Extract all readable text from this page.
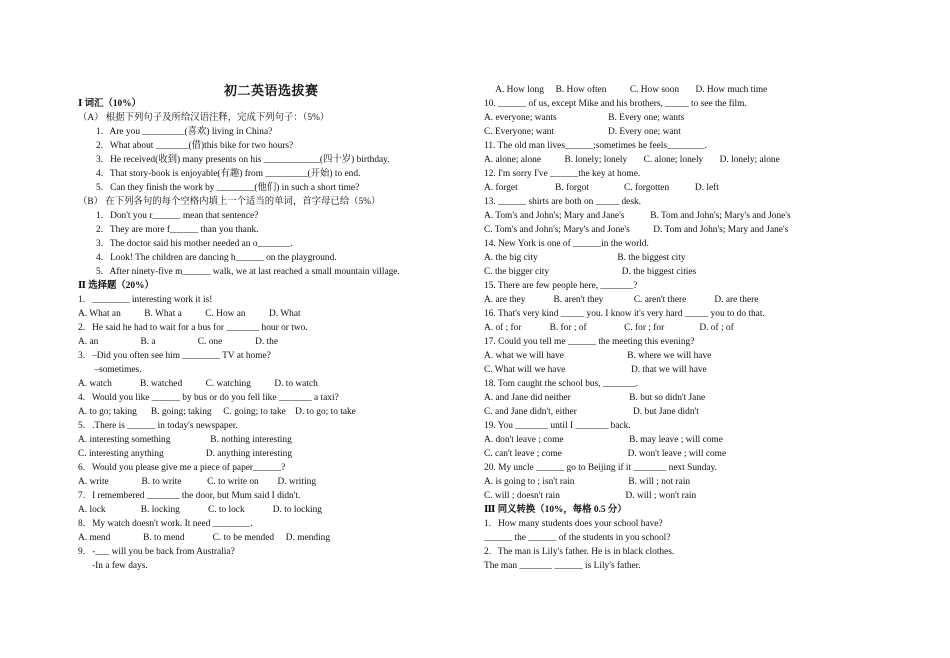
初二英语选拔赛
Ⅰ 词汇（10%）
（A） 根据下列句子及所给汉语注释，完成下列句子：（5%）
1.   Are you _________(喜欢) living in China?
2.   What about _______(借)this bike for two hours?
3.   He received(收到) many presents on his ____________(四十岁) birthday.
4.   That story-book is enjoyable(有趣) from _________(开始) to end.
5.   Can they finish the work by ________(他们) in such a short time?
（B） 在下列各句的每个空格内填上一个适当的单词，首字母已给（5%）
1.   Don't you r______ mean that sentence?
2.   They are more f______ than you thank.
3.   The doctor said his mother needed an o_______.
4.   Look! The children are dancing h______ on the playground.
5.   After ninety-five m______ walk, we at last reached a small mountain village.
Ⅱ 选择题（20%）
1.   ________ interesting work it is!
A. What an          B. What a          C. How an          D. What
2.   He said he had to wait for a bus for _______ hour or two.
A. an                  B. a                  C. one              D. the
3.   –Did you often see him ________ TV at home?
–sometimes.
A. watch            B. watched          C. watching          D. to watch
4.   Would you like ______ by bus or do you fell like _______ a taxi?
A. to go; taking      B. going; taking     C. going; to take    D. to go; to take
5.   .There is ______ in today's newspaper.
A. interesting something                 B. nothing interesting
C. interesting anything                  D. anything interesting
6.   Would you please give me a piece of paper______?
A. write              B. to write           C. to write on        D. writing
7.   I remembered _______ the door, but Mum said I didn't.
A. lock               B. locking            C. to lock            D. to locking
8.   My watch doesn't work. It need ________.
A. mend              B. to mend            C. to be mended     D. mending
9.   -___ will you be back from Australia?
-In a few days.
A. How long     B. How often          C. How soon       D. How much time
10. ______ of us, except Mike and his brothers, _____ to see the film.
A. everyone; wants                      B. Every one; wants
C. Everyone; want                       D. Every one; want
11. The old man lives______;sometimes he feels________.
A. alone; alone          B. lonely; lonely       C. alone; lonely       D. lonely; alone
12. I'm sorry I've ______the key at home.
A. forget                B. forgot               C. forgotten           D. left
13. ______ shirts are both on _____ desk.
A. Tom's and John's; Mary and Jane's           B. Tom and John's; Mary's and Jone's
C. Tom's and John's; Mary's and Jone's          D. Tom and John's; Mary and Jane's
14. New York is one of ______in the world.
A. the big city                                  B. the biggest city
C. the bigger city                               D. the biggest cities
15. There are few people here, _______?
A. are they            B. aren't they             C. aren't there            D. are there
16. That's very kind _____ you. I know it's very hard _____ you to do that.
A. of ; for            B. for ; of                C. for ; for               D. of ; of
17. Could you tell me ______ the meeting this evening?
A. what we will have                           B. where we will have
C. What will we have                            D. that we will have
18. Tom caught the school bus, _______.
A. and Jane did neither                         B. but so didn't Jane
C. and Jane didn't, either                        D. but Jane didn't
19. You _______ until I _______ back.
A. don't leave ; come                            B. may leave ; will come
C. can't leave ; come                            D. won't leave ; will come
20. My uncle ______ go to Beijing if it _______ next Sunday.
A. is going to ; isn't rain                       B. will ; not rain
C. will ; doesn't rain                            D. will ; won't rain
Ⅲ 同义转换（10%，每格 0.5 分）
1.   How many students does your school have?
______ the ______ of the students in you school?
2.   The man is Lily's father. He is in black clothes.
The man _______ ______ is Lily's father.
